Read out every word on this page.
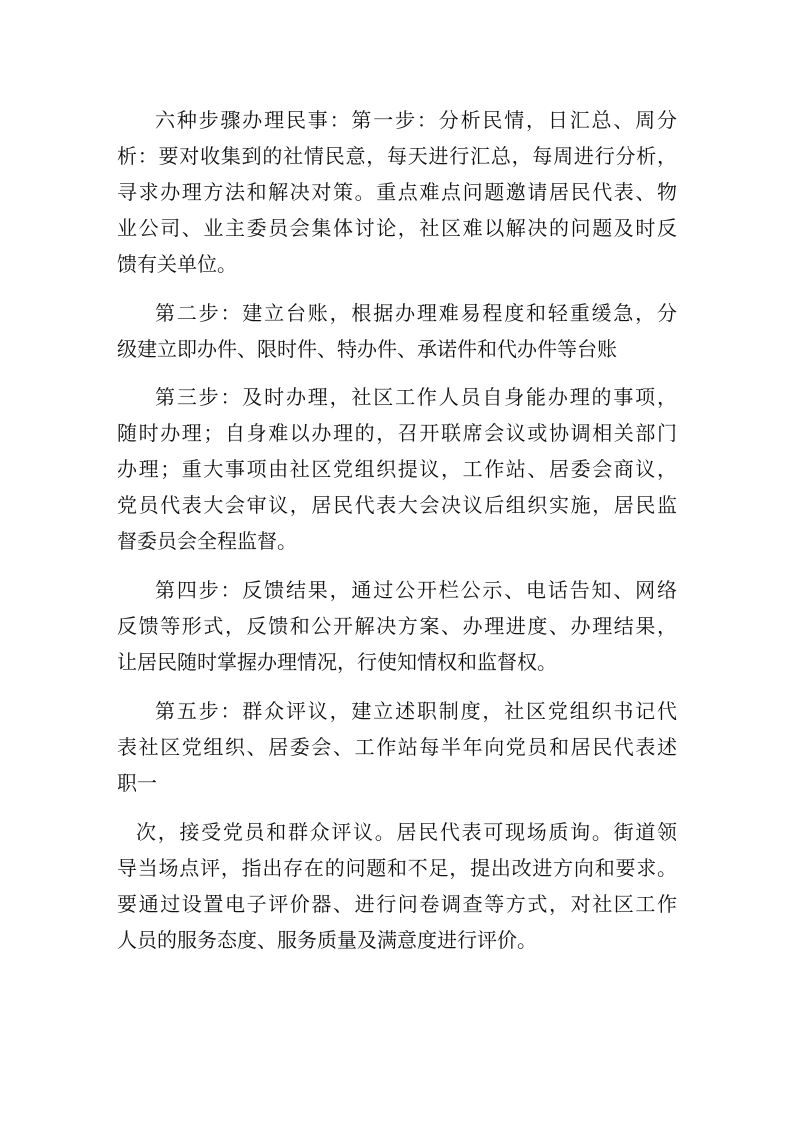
六种步骤办理民事：第一步：分析民情，日汇总、周分
析：要对收集到的社情民意，每天进行汇总，每周进行分析，
寻求办理方法和解决对策。重点难点问题邀请居民代表、物
业公司、业主委员会集体讨论，社区难以解决的问题及时反
馈有关单位。
第二步：建立台账，根据办理难易程度和轻重缓急，分
级建立即办件、限时件、特办件、承诺件和代办件等台账
第三步：及时办理，社区工作人员自身能办理的事项，
随时办理；自身难以办理的，召开联席会议或协调相关部门
办理；重大事项由社区党组织提议，工作站、居委会商议，
党员代表大会审议，居民代表大会决议后组织实施，居民监
督委员会全程监督。
第四步：反馈结果，通过公开栏公示、电话告知、网络
反馈等形式，反馈和公开解决方案、办理进度、办理结果，
让居民随时掌握办理情况，行使知情权和监督权。
第五步：群众评议，建立述职制度，社区党组织书记代
表社区党组织、居委会、工作站每半年向党员和居民代表述
职一
次，接受党员和群众评议。居民代表可现场质询。街道领
导当场点评，指出存在的问题和不足，提出改进方向和要求。
要通过设置电子评价器、进行问卷调查等方式，对社区工作
人员的服务态度、服务质量及满意度进行评价。
